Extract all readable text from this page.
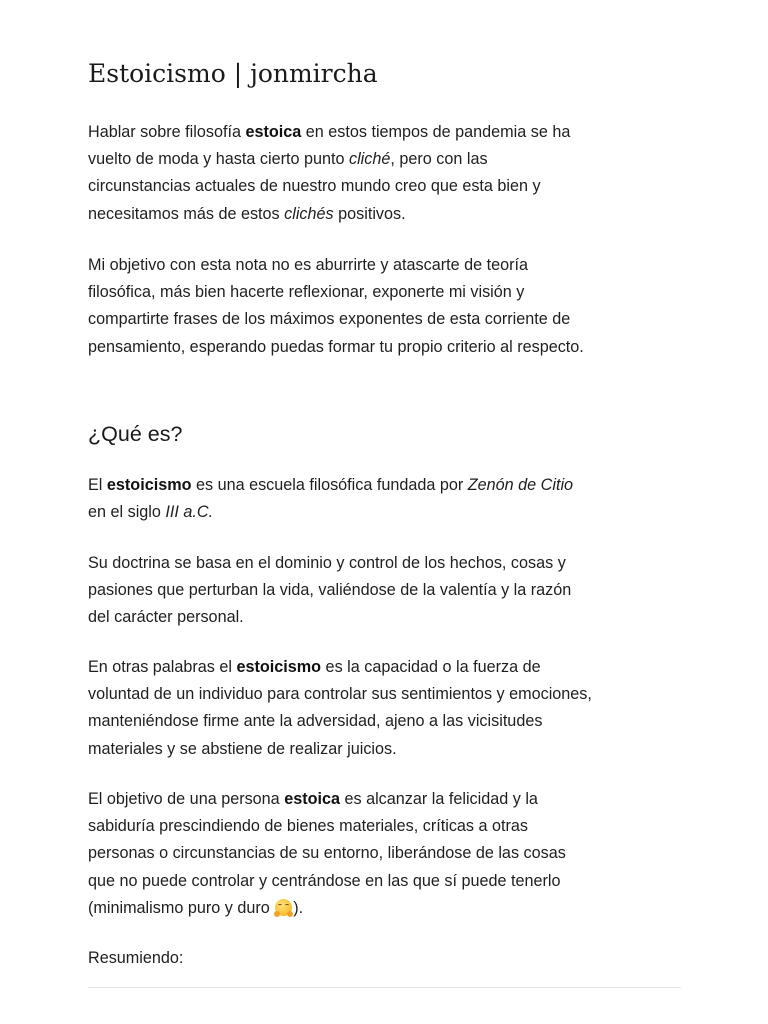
Estoicismo | jonmircha

Hablar sobre filosofía estoica en estos tiempos de pandemia se ha vuelto de moda y hasta cierto punto cliché, pero con las circunstancias actuales de nuestro mundo creo que esta bien y necesitamos más de estos clichés positivos.

Mi objetivo con esta nota no es aburrirte y atascarte de teoría filosófica, más bien hacerte reflexionar, exponerte mi visión y compartirte frases de los máximos exponentes de esta corriente de pensamiento, esperando puedas formar tu propio criterio al respecto.

¿Qué es?

El estoicismo es una escuela filosófica fundada por Zenón de Citio en el siglo III a.C.

Su doctrina se basa en el dominio y control de los hechos, cosas y pasiones que perturban la vida, valiéndose de la valentía y la razón del carácter personal.

En otras palabras el estoicismo es la capacidad o la fuerza de voluntad de un individuo para controlar sus sentimientos y emociones, manteniéndose firme ante la adversidad, ajeno a las vicisitudes materiales y se abstiene de realizar juicios.

El objetivo de una persona estoica es alcanzar la felicidad y la sabiduría prescindiendo de bienes materiales, críticas a otras personas o circunstancias de su entorno, liberándose de las cosas que no puede controlar y centrándose en las que sí puede tenerlo (minimalismo puro y duro
).

Resumiendo:
